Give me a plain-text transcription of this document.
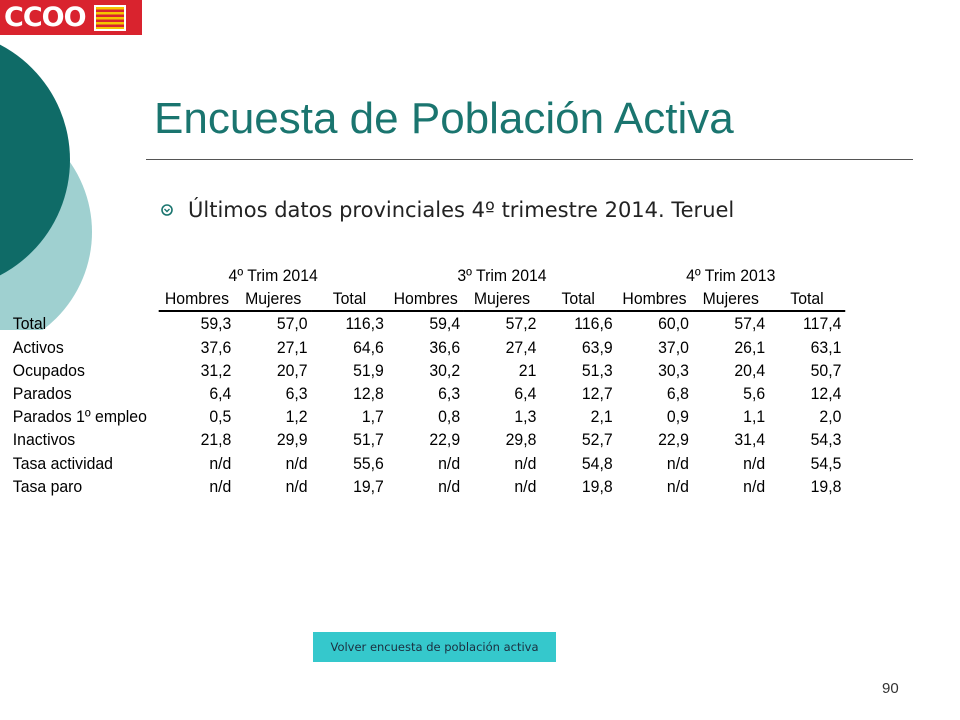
CCOO
Encuesta de Población Activa
Últimos datos provinciales 4º trimestre 2014. Teruel
	4º Trim 2014			3º Trim 2014			4º Trim 2013		
	Hombres	Mujeres	Total	Hombres	Mujeres	Total	Hombres	Mujeres	Total
Total	59,3	57,0	116,3	59,4	57,2	116,6	60,0	57,4	117,4
Activos	37,6	27,1	64,6	36,6	27,4	63,9	37,0	26,1	63,1
Ocupados	31,2	20,7	51,9	30,2	21	51,3	30,3	20,4	50,7
Parados	6,4	6,3	12,8	6,3	6,4	12,7	6,8	5,6	12,4
Parados 1º empleo	0,5	1,2	1,7	0,8	1,3	2,1	0,9	1,1	2,0
Inactivos	21,8	29,9	51,7	22,9	29,8	52,7	22,9	31,4	54,3
Tasa actividad	n/d	n/d	55,6	n/d	n/d	54,8	n/d	n/d	54,5
Tasa paro	n/d	n/d	19,7	n/d	n/d	19,8	n/d	n/d	19,8
Volver encuesta de población activa
90
